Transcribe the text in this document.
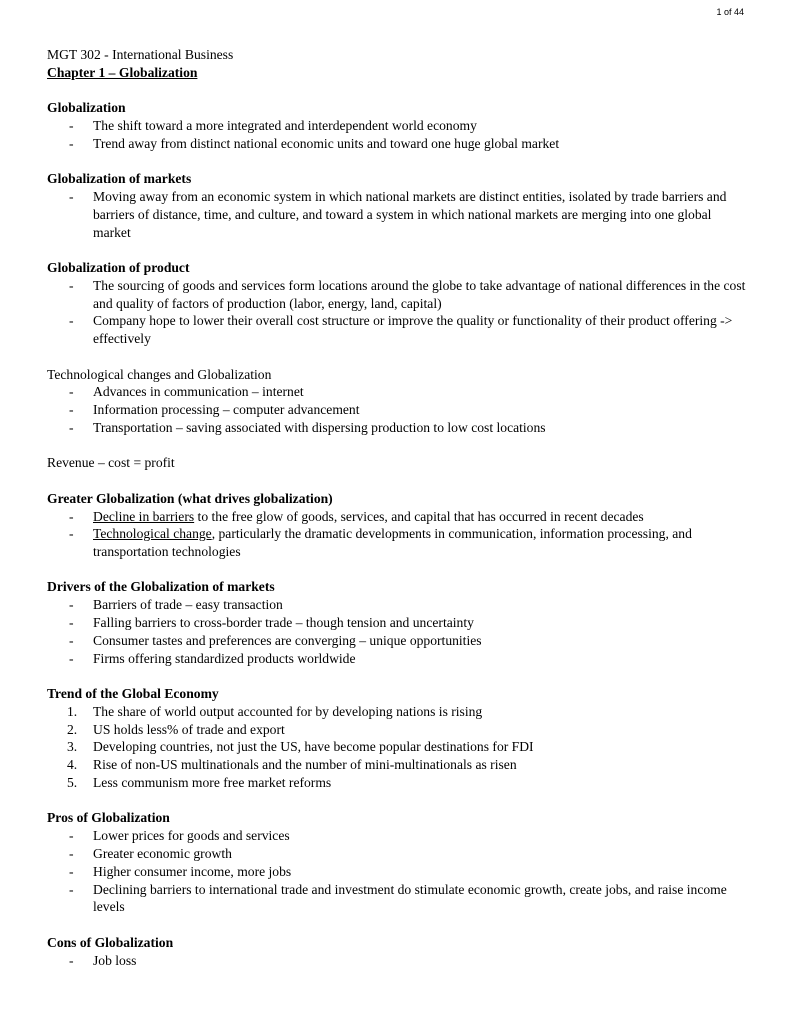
1 of 44

MGT 302 - International Business

Chapter 1 – Globalization

Globalization

- The shift toward a more integrated and interdependent world economy
- Trend away from distinct national economic units and toward one huge global market

Globalization of markets

- Moving away from an economic system in which national markets are distinct entities, isolated by trade barriers and barriers of distance, time, and culture, and toward a system in which national markets are merging into one global market

Globalization of product

- The sourcing of goods and services form locations around the globe to take advantage of national differences in the cost and quality of factors of production (labor, energy, land, capital)
- Company hope to lower their overall cost structure or improve the quality or functionality of their product offering -> effectively

Technological changes and Globalization

- Advances in communication – internet
- Information processing – computer advancement
- Transportation – saving associated with dispersing production to low cost locations

Revenue – cost = profit

Greater Globalization (what drives globalization)

- Decline in barriers to the free glow of goods, services, and capital that has occurred in recent decades
- Technological change, particularly the dramatic developments in communication, information processing, and transportation technologies

Drivers of the Globalization of markets

- Barriers of trade – easy transaction
- Falling barriers to cross-border trade – though tension and uncertainty
- Consumer tastes and preferences are converging – unique opportunities
- Firms offering standardized products worldwide

Trend of the Global Economy

1. The share of world output accounted for by developing nations is rising
2. US holds less% of trade and export
3. Developing countries, not just the US, have become popular destinations for FDI
4. Rise of non-US multinationals and the number of mini-multinationals as risen
5. Less communism more free market reforms

Pros of Globalization

- Lower prices for goods and services
- Greater economic growth
- Higher consumer income, more jobs
- Declining barriers to international trade and investment do stimulate economic growth, create jobs, and raise income levels

Cons of Globalization

- Job loss
